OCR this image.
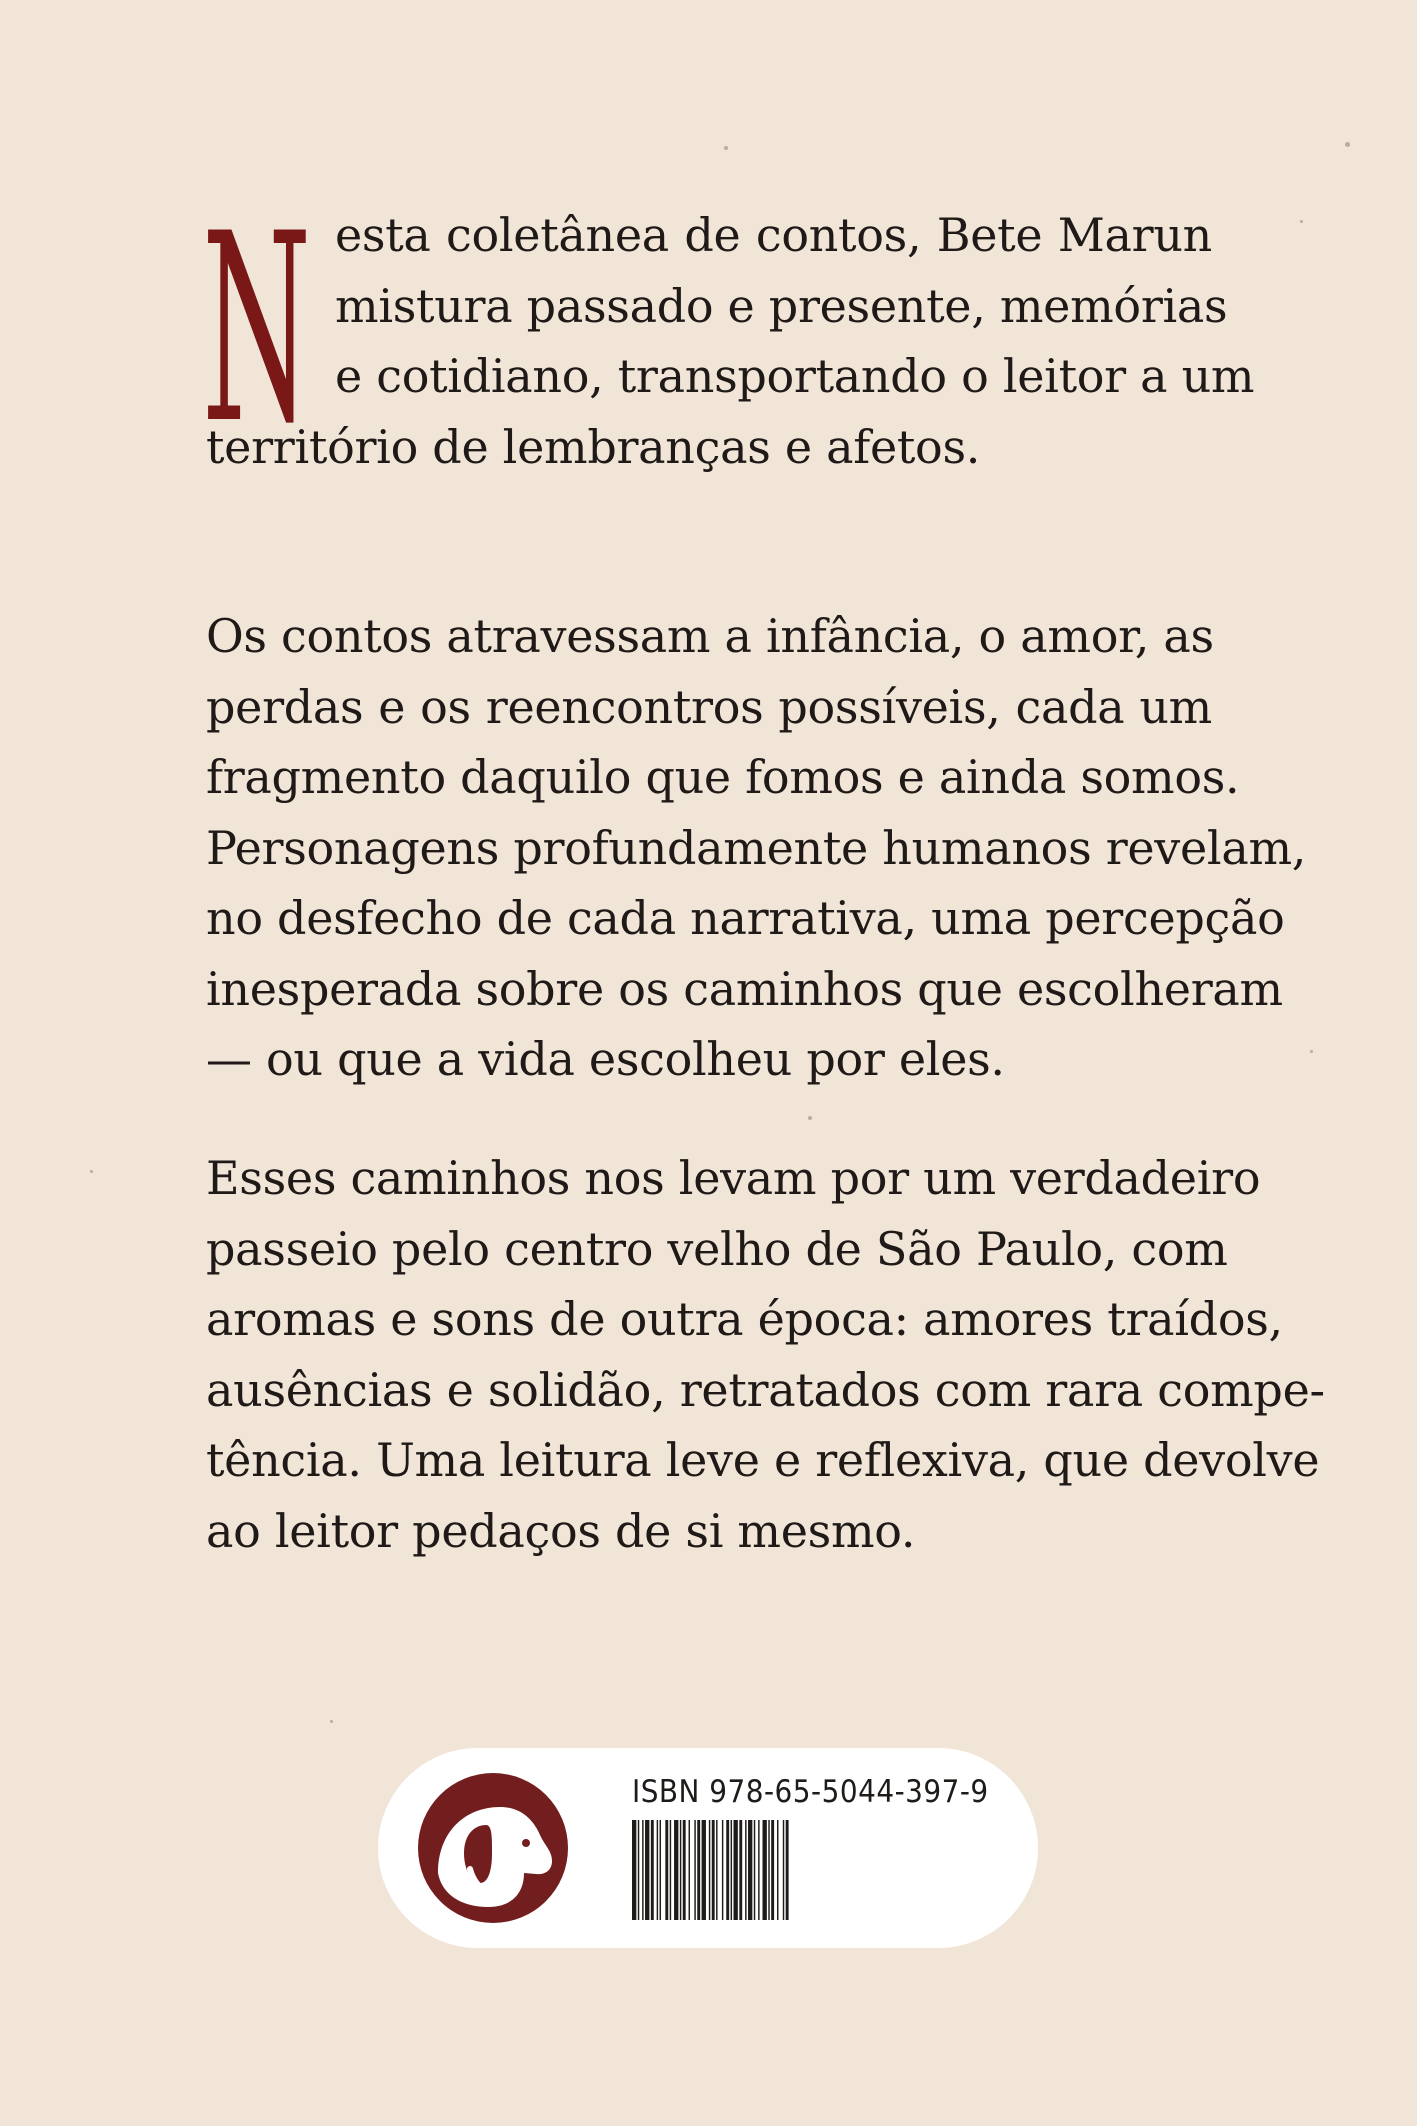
N esta coletânea de contos, Bete Marun
mistura passado e presente, memórias
e cotidiano, transportando o leitor a um
território de lembranças e afetos.
Os contos atravessam a infância, o amor, as
perdas e os reencontros possíveis, cada um
fragmento daquilo que fomos e ainda somos.
Personagens profundamente humanos revelam,
no desfecho de cada narrativa, uma percepção
inesperada sobre os caminhos que escolheram
— ou que a vida escolheu por eles.
Esses caminhos nos levam por um verdadeiro
passeio pelo centro velho de São Paulo, com
aromas e sons de outra época: amores traídos,
ausências e solidão, retratados com rara compe-
tência. Uma leitura leve e reflexiva, que devolve
ao leitor pedaços de si mesmo.
ISBN 978-65-5044-397-9
